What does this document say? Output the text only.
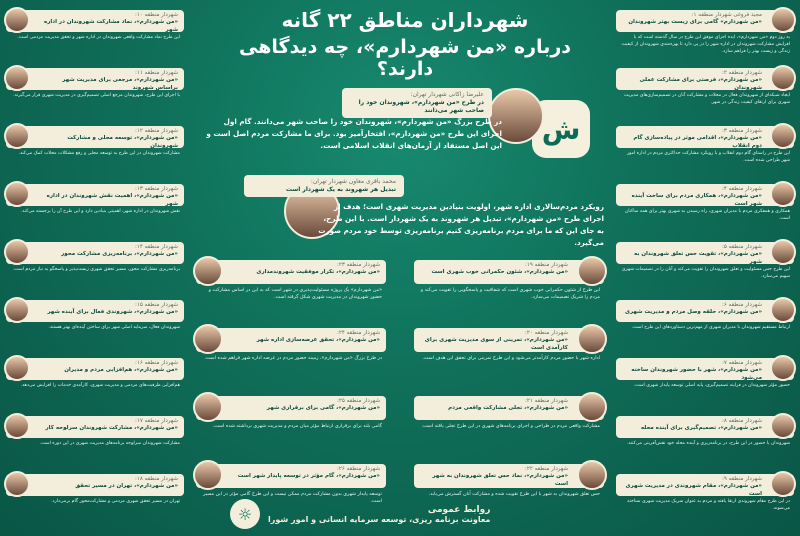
شهرداران مناطق ۲۲ گانه
درباره «من شهردارم»، چه دیدگاهی دارند؟
ش
علیرضا زاکانی شهردار تهران:
در طرح «من شهردارم»، شهروندان خود را صاحب شهر می‌دانند
در طرح بزرگ «من شهردارم»، شهروندان خود را صاحب شهر می‌دانند. گام اول اجرای این طرح «من شهردارم»، افتخارآمیز بود. برای ما مشارکت مردم اصل است و این اصل مستفاد از آرمان‌های انقلاب اسلامی است.
محمد باقری معاون شهردار تهران:
تبدیل هر شهروند به یک شهردار است
رویکرد مردم‌سالاری اداره شهر، اولویت بنیادین مدیریت شهری است؛ هدف از اجرای طرح «من شهردارم»، تبدیل هر شهروند به یک شهردار است. با این طرح، به جای این که ما برای مردم برنامه‌ریزی کنیم برنامه‌ریزی توسط خود مردم صورت می‌گیرد.
مجید فروغی شهردار منطقه ۱:
«من شهردارم» گامی برای زیست بهتر شهروندان
به روز دوم «من شهردارم»، ایده اجرای موفق این طرح در سال گذشته است که با افزایش مشارکت شهروندان در اداره شهر را در پی دارد تا بهره‌مندی شهروندان از کیفیت زندگی و زیست بهتر را فراهم سازد.
شهردار منطقه ۲:
«من شهردارم»، فرصتی برای مشارکت عملی شهروندان
ایجاد شبکه‌ای از شهروندان فعال در محلات و مشارکت آنان در تصمیم‌سازی‌های مدیریت شهری برای ارتقای کیفیت زندگی در شهر.
شهردار منطقه ۳:
«من شهردارم»، اقدامی موثر در پیاده‌سازی گام دوم انقلاب
این طرح در راستای گام دوم انقلاب و با رویکرد مشارکت حداکثری مردم در اداره امور شهر طراحی شده است.
شهردار منطقه ۴:
«من شهردارم»، همکاری مردم برای ساخت آینده شهر است
همکاری و همفکری مردم با مدیران شهری، راه رسیدن به شهری بهتر برای همه ساکنان است.
شهردار منطقه ۵:
«من شهردارم»، تقویت حس تعلق شهروندان به شهر
این طرح حس مسئولیت و تعلق شهروندان را تقویت می‌کند و آنان را در تصمیمات شهری سهیم می‌سازد.
شهردار منطقه ۶:
«من شهردارم»، حلقه وصل مردم و مدیریت شهری
ارتباط مستقیم شهروندان با مدیران شهری از مهم‌ترین دستاوردهای این طرح است.
شهردار منطقه ۷:
«من شهردارم»، شهر با حضور شهروندان ساخته می‌شود
حضور مؤثر شهروندان در فرایند تصمیم‌گیری، پایه اصلی توسعه پایدار شهری است.
شهردار منطقه ۸:
«من شهردارم»، تصمیم‌گیری برای آینده محله
شهروندان با حضور در این طرح، در برنامه‌ریزی و آینده محله خود نقش‌آفرینی می‌کنند.
شهردار منطقه ۹:
«من شهردارم»، مقام شهروندی در مدیریت شهری است
در این طرح مقام شهروندی ارتقا یافته و مردم به عنوان شریک مدیریت شهری شناخته می‌شوند.
شهردار منطقه ۱۰:
«من شهردارم»، نماد مشارکت شهروندان در اداره شهر
این طرح نماد مشارکت واقعی شهروندان در اداره شهر و تحقق مدیریت مردمی است.
شهردار منطقه ۱۱:
«من شهردارم»، مرجعی برای مدیریت شهر براساس شهروند
با اجرای این طرح، شهروندان مرجع اصلی تصمیم‌گیری در مدیریت شهری قرار می‌گیرند.
شهردار منطقه ۱۲:
«من شهردارم»، توسعه محلی و مشارکت شهروندان
مشارکت شهروندان در این طرح به توسعه محلی و رفع مشکلات محلات کمک می‌کند.
شهردار منطقه ۱۳:
«من شهردارم»، اهمیت نقش شهروندان در اداره شهر
نقش شهروندان در اداره شهر، اهمیتی بنیادین دارد و این طرح آن را برجسته می‌کند.
شهردار منطقه ۱۴:
«من شهردارم»، برنامه‌ریزی مشارکت محور
برنامه‌ریزی مشارکت محور، مسیر تحقق شهری زیست‌پذیر و پاسخگو به نیاز مردم است.
شهردار منطقه ۱۵:
«من شهردارم»، شهروندی فعال برای آینده شهر
شهروندان فعال، سرمایه اصلی شهر برای ساختن آینده‌ای بهتر هستند.
شهردار منطقه ۱۶:
«من شهردارم»، هم‌افزایی مردم و مدیران
هم‌افزایی ظرفیت‌های مردمی و مدیریت شهری، کارآمدی خدمات را افزایش می‌دهد.
شهردار منطقه ۱۷:
«من شهردارم»، مشارکت شهروندان سرلوحه کار
مشارکت شهروندان سرلوحه برنامه‌های مدیریت شهری در این دوره است.
شهردار منطقه ۱۸:
«من شهردارم»، تهران در مسیر تحقق
تهران در مسیر تحقق شهری مردمی و مشارکت‌محور گام برمی‌دارد.
شهردار منطقه ۱۹:
«من شهردارم»، شئون حکمرانی خوب شهری است
این طرح از شئون حکمرانی خوب شهری است که شفافیت و پاسخگویی را تقویت می‌کند و مردم را شریک تصمیمات می‌سازد.
شهردار منطقه ۲۰:
«من شهردارم»، تمرینی از سوی مدیریت شهری برای کارآمدی است
اداره شهر با حضور مردم کارآمدتر می‌شود و این طرح تمرینی برای تحقق این هدف است.
شهردار منطقه ۲۱:
«من شهردارم»، تجلی مشارکت واقعی مردم
مشارکت واقعی مردم در طراحی و اجرای برنامه‌های شهری در این طرح تجلی یافته است.
شهردار منطقه ۲۲:
«من شهردارم»، نماد حس تعلق شهروندان به شهر است
حس تعلق شهروندان به شهر با این طرح تقویت شده و مشارکت آنان گسترش می‌یابد.
شهردار منطقه ۲۳:
«من شهردارم»، تکرار موفقیت شهروندمداری
«من شهردارم» یک پروژه مسئولیت‌پذیری در شهر است که به این در اساس مشارکت و حضور شهروندان در مدیریت شهری شکل گرفته است.
شهردار منطقه ۲۴:
«من شهردارم»، تحقق عرصه‌سازی اداره شهر
در طرح بزرگ «من شهردارم»، زمینه حضور مردم در عرصه اداره شهر فراهم شده است.
شهردار منطقه ۲۵:
«من شهردارم»، گامی برای برقراری شهر
گامی بلند برای برقراری ارتباط مؤثر میان مردم و مدیریت شهری برداشته شده است.
شهردار منطقه ۲۶:
«من شهردارم»، گام مؤثر در توسعه پایدار شهر است
توسعه پایدار شهری بدون مشارکت مردم ممکن نیست و این طرح گامی مؤثر در این مسیر است.
روابط عمومی
معاونت برنامه ریزی، توسعه سرمایه انسانی و امور شورا
☼
